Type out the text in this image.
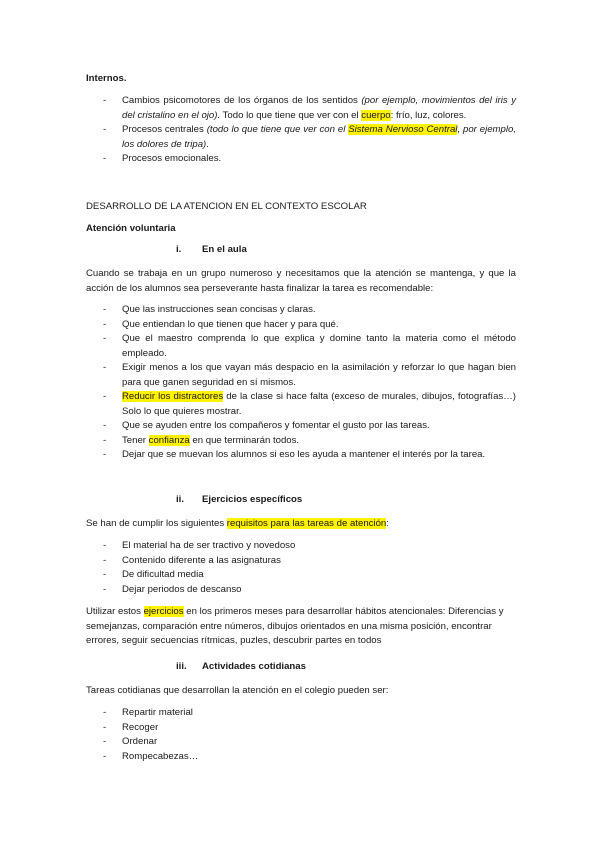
Internos.
- Cambios psicomotores de los órganos de los sentidos (por ejemplo, movimientos del iris y del cristalino en el ojo). Todo lo que tiene que ver con el cuerpo: frío, luz, colores.
- Procesos centrales (todo lo que tiene que ver con el Sistema Nervioso Central, por ejemplo, los dolores de tripa).
- Procesos emocionales.
DESARROLLO DE LA ATENCION EN EL CONTEXTO ESCOLAR
Atención voluntaria
i. En el aula
Cuando se trabaja en un grupo numeroso y necesitamos que la atención se mantenga, y que la acción de los alumnos sea perseverante hasta finalizar la tarea es recomendable:
- Que las instrucciones sean concisas y claras.
- Que entiendan lo que tienen que hacer y para qué.
- Que el maestro comprenda lo que explica y domine tanto la materia como el método empleado.
- Exigir menos a los que vayan más despacio en la asimilación y reforzar lo que hagan bien para que ganen seguridad en sí mismos.
- Reducir los distractores de la clase si hace falta (exceso de murales, dibujos, fotografías…) Solo lo que quieres mostrar.
- Que se ayuden entre los compañeros y fomentar el gusto por las tareas.
- Tener confianza en que terminarán todos.
- Dejar que se muevan los alumnos si eso les ayuda a mantener el interés por la tarea.
ii. Ejercicios específicos
Se han de cumplir los siguientes requisitos para las tareas de atención:
- El material ha de ser tractivo y novedoso
- Contenido diferente a las asignaturas
- De dificultad media
- Dejar periodos de descanso
Utilizar estos ejercicios en los primeros meses para desarrollar hábitos atencionales: Diferencias y semejanzas, comparación entre números, dibujos orientados en una misma posición, encontrar errores, seguir secuencias rítmicas, puzles, descubrir partes en todos
iii. Actividades cotidianas
Tareas cotidianas que desarrollan la atención en el colegio pueden ser:
- Repartir material
- Recoger
- Ordenar
- Rompecabezas…
